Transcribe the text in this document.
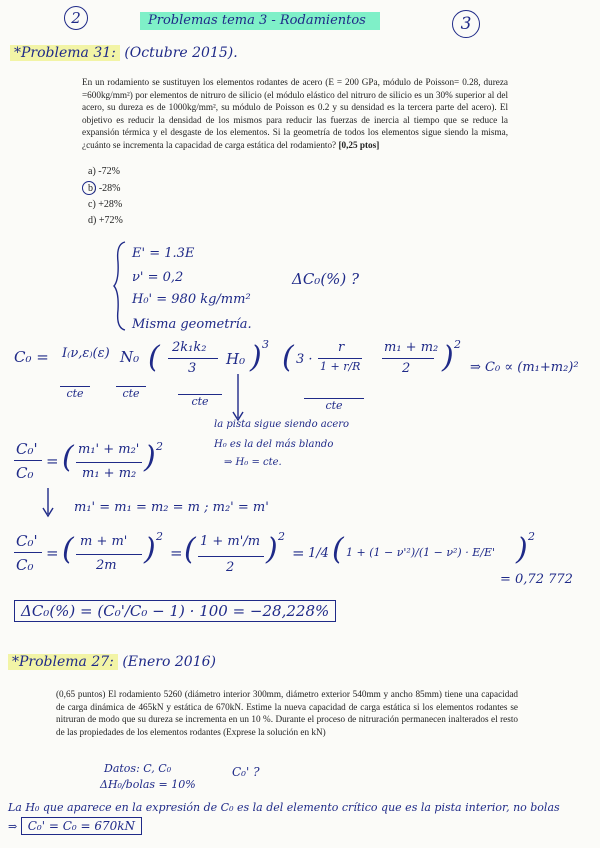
2	Problemas tema 3 - Rodamientos	3
*Problema 31: (Octubre 2015).
En un rodamiento se sustituyen los elementos rodantes de acero (E = 200 GPa, módulo de Poisson= 0.28, dureza =600kg/mm²) por elementos de nitruro de silicio (el módulo elástico del nitruro de silicio es un 30% superior al del acero, su dureza es de 1000kg/mm², su módulo de Poisson es 0.2 y su densidad es la tercera parte del acero). El objetivo es reducir la densidad de los mismos para reducir las fuerzas de inercia al tiempo que se reduce la expansión térmica y el desgaste de los elementos. Si la geometría de todos los elementos sigue siendo la misma, ¿cuánto se incrementa la capacidad de carga estática del rodamiento? [0,25 ptos]
a) -72%
b) -28%
c) +28%
d) +72%
E' = 1.3E
ν' = 0,2
H₀' = 980 kg/mm²
Misma geometría.
ΔC₀(%) ?
C₀ = I₍ν,ε₎(ε) N₀ ( 2k₁k₂
3
H₀ ) 3 ( 3 ·
r
1 + r/R
m₁ + m₂
2 ) 2
⇒ C₀ ∝ (m₁+m₂)²
cte	cte
cte	cte
la pista sigue siendo acero
H₀ es la del más blando
⇒ H₀ = cte.
C₀'
C₀
= ( m₁' + m₂'
m₁ + m₂ ) 2
m₁' = m₁ = m₂ = m ; m₂' = m'
C₀'
C₀
= ( m + m'
2m ) 2
= ( 1 + m'/m
2
) 2
= 1/4 ( 1 + (1 − ν'²)/(1 − ν²) · E/E' ) 2
= 0,72 772
ΔC₀(%) = (C₀'/C₀ − 1) · 100 = −28,228%
*Problema 27: (Enero 2016)
(0,65 puntos) El rodamiento 5260 (diámetro interior 300mm, diámetro exterior 540mm y ancho 85mm) tiene una capacidad de carga dinámica de 465kN y estática de 670kN. Estime la nueva capacidad de carga estática si los elementos rodantes se nitruran de modo que su dureza se incrementa en un 10 %. Durante el proceso de nitruración permanecen inalterados el resto de las propiedades de los elementos rodantes (Exprese la solución en kN)
Datos: C, C₀
ΔH₀/bolas = 10%
C₀' ?
La H₀ que aparece en la expresión de C₀ es la del elemento crítico que es la pista interior, no bolas ⇒ C₀' = C₀ = 670kN
